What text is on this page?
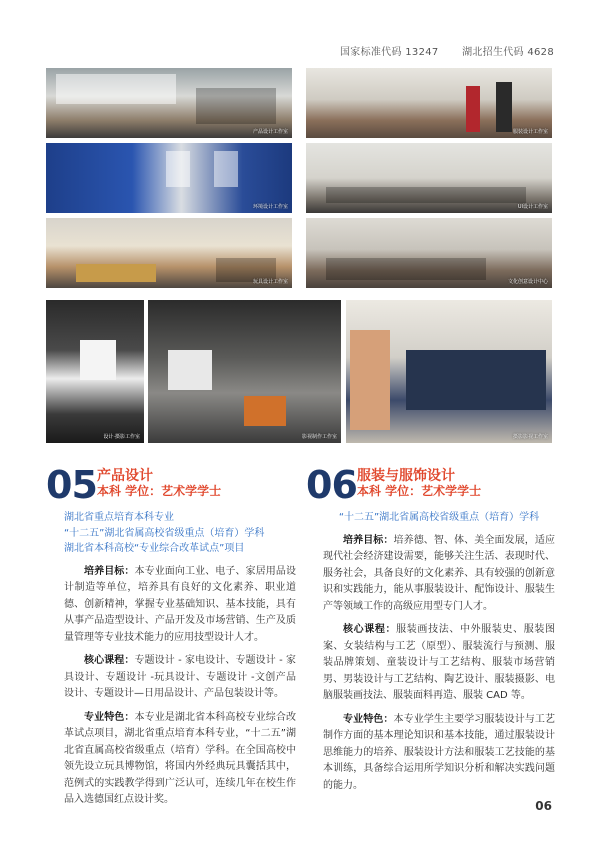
国家标准代码 13247 湖北招生代码 4628
产品设计工作室	服装设计工作室
环境设计工作室	UI设计工作室
玩具设计工作室	文化创意设计中心
设计·摄影工作室	影视制作工作室	摄影影视工作室
05 产品设计
本科 学位：艺术学学士
湖北省重点培育本科专业
“十二五”湖北省属高校省级重点（培育）学科
湖北省本科高校“专业综合改革试点”项目

培养目标：本专业面向工业、电子、家居用品设计制造等单位，培养具有良好的文化素养、职业道德、创新精神，掌握专业基础知识、基本技能，具有从事产品造型设计、产品开发及市场营销、生产及质量管理等专业技术能力的应用技型设计人才。

核心课程：专题设计 - 家电设计、专题设计 - 家具设计、专题设计 -玩具设计、专题设计 -文创产品设计、专题设计—日用品设计、产品包装设计等。

专业特色：本专业是湖北省本科高校专业综合改革试点项目，湖北省重点培育本科专业，“十二五”湖北省直属高校省级重点（培育）学科。在全国高校中领先设立玩具博物馆，将国内外经典玩具囊括其中，范例式的实践教学得到广泛认可，连续几年在校生作品入选德国红点设计奖。

06 服装与服饰设计
本科 学位：艺术学学士
“十二五”湖北省属高校省级重点（培育）学科

培养目标：培养德、智、体、美全面发展，适应现代社会经济建设需要，能够关注生活、表现时代、服务社会，具备良好的文化素养、具有较强的创新意识和实践能力，能从事服装设计、配饰设计、服装生产等领域工作的高级应用型专门人才。

核心课程：服装画技法、中外服装史、服装图案、女装结构与工艺（原型）、服装流行与预测、服装品牌策划、童装设计与工艺结构、服装市场营销男、男装设计与工艺结构、陶艺设计、服装摄影、电脑服装画技法、服装面料再造、服装 CAD 等。

专业特色：本专业学生主要学习服装设计与工艺制作方面的基本理论知识和基本技能，通过服装设计思维能力的培养、服装设计方法和服装工艺技能的基本训练，具备综合运用所学知识分析和解决实践问题的能力。

06
